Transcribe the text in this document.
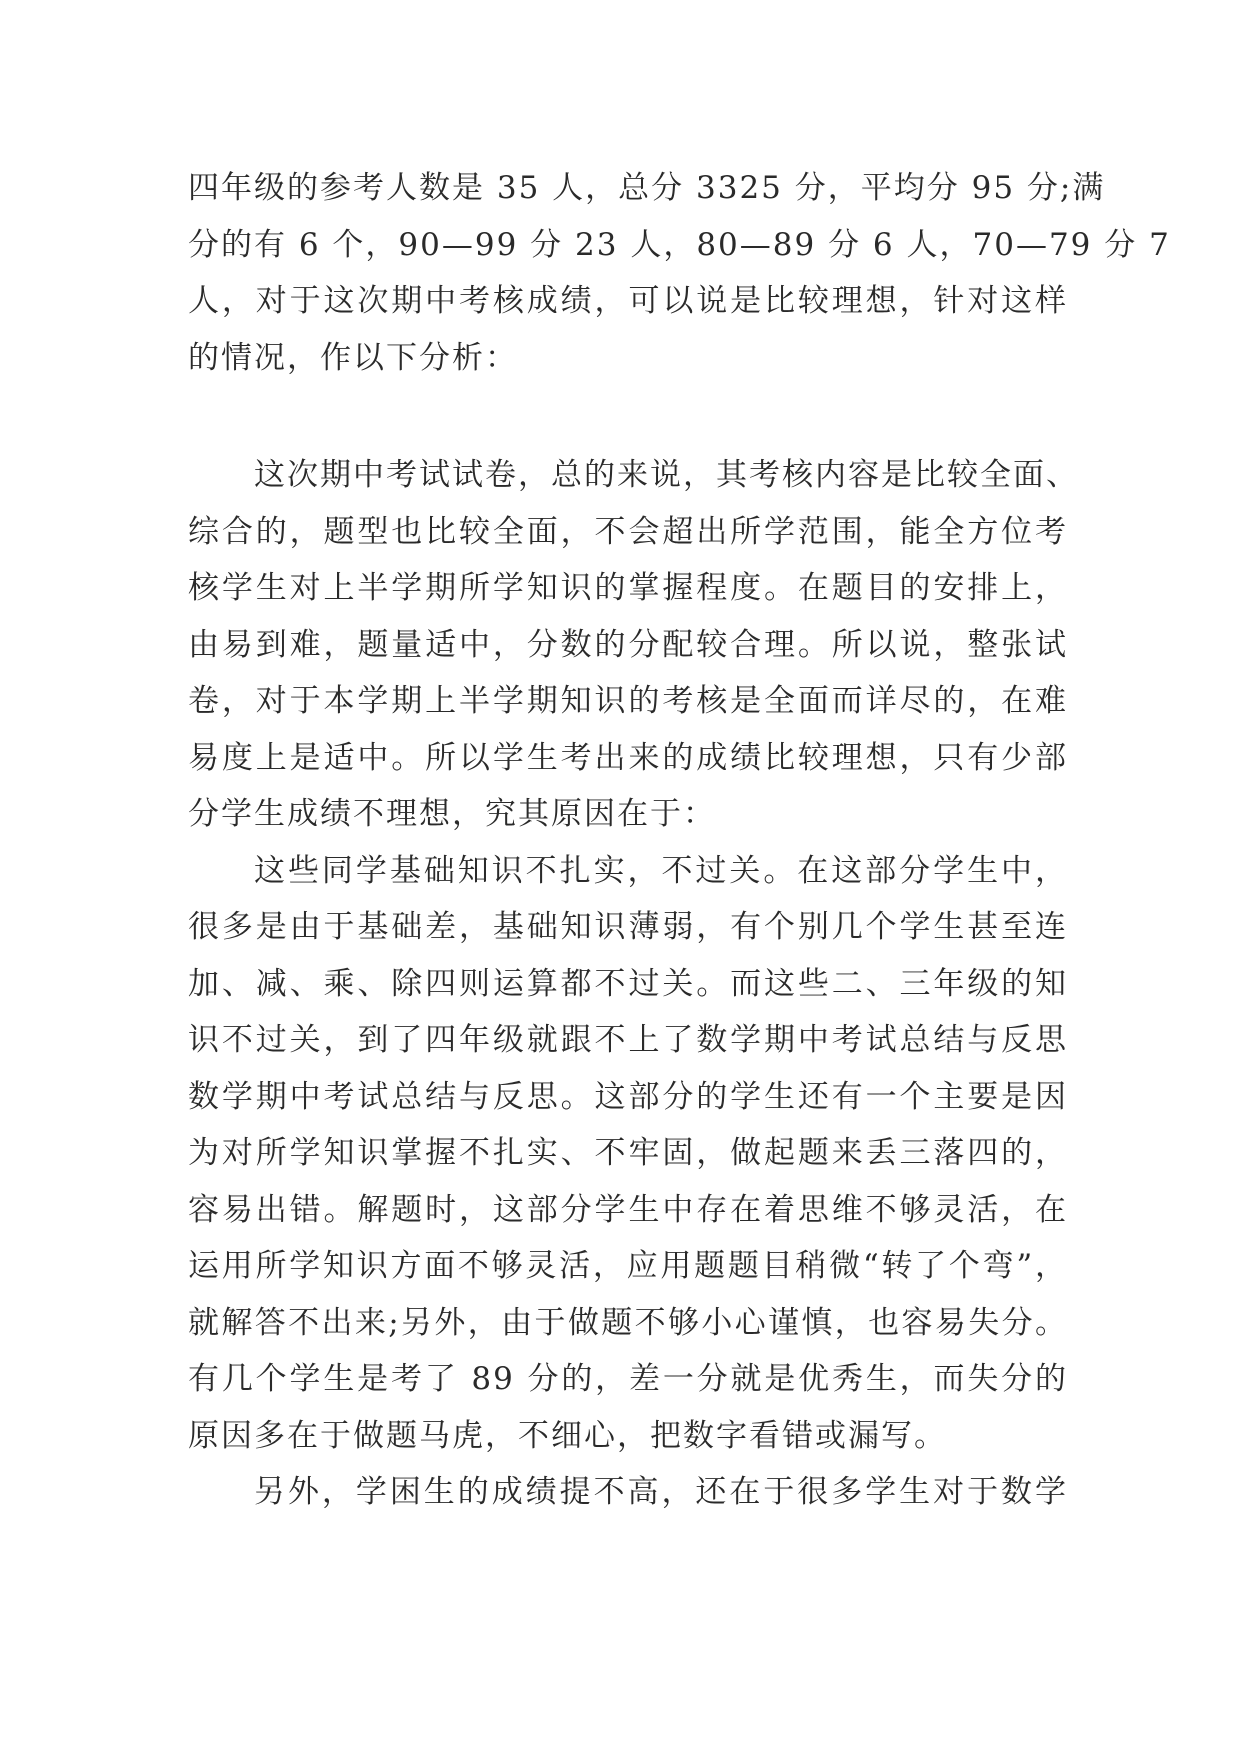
四年级的参考人数是 35 人，总分 3325 分，平均分 95 分;满
分的有 6 个，90—99 分 23 人，80—89 分 6 人，70—79 分 7
人，对于这次期中考核成绩，可以说是比较理想，针对这样
的情况，作以下分析：
这次期中考试试卷，总的来说，其考核内容是比较全面、
综合的，题型也比较全面，不会超出所学范围，能全方位考
核学生对上半学期所学知识的掌握程度。在题目的安排上，
由易到难，题量适中，分数的分配较合理。所以说，整张试
卷，对于本学期上半学期知识的考核是全面而详尽的，在难
易度上是适中。所以学生考出来的成绩比较理想，只有少部
分学生成绩不理想，究其原因在于：
这些同学基础知识不扎实，不过关。在这部分学生中，
很多是由于基础差，基础知识薄弱，有个别几个学生甚至连
加、减、乘、除四则运算都不过关。而这些二、三年级的知
识不过关，到了四年级就跟不上了数学期中考试总结与反思
数学期中考试总结与反思。这部分的学生还有一个主要是因
为对所学知识掌握不扎实、不牢固，做起题来丢三落四的，
容易出错。解题时，这部分学生中存在着思维不够灵活，在
运用所学知识方面不够灵活，应用题题目稍微“转了个弯”，
就解答不出来;另外，由于做题不够小心谨慎，也容易失分。
有几个学生是考了 89 分的，差一分就是优秀生，而失分的
原因多在于做题马虎，不细心，把数字看错或漏写。
另外，学困生的成绩提不高，还在于很多学生对于数学
